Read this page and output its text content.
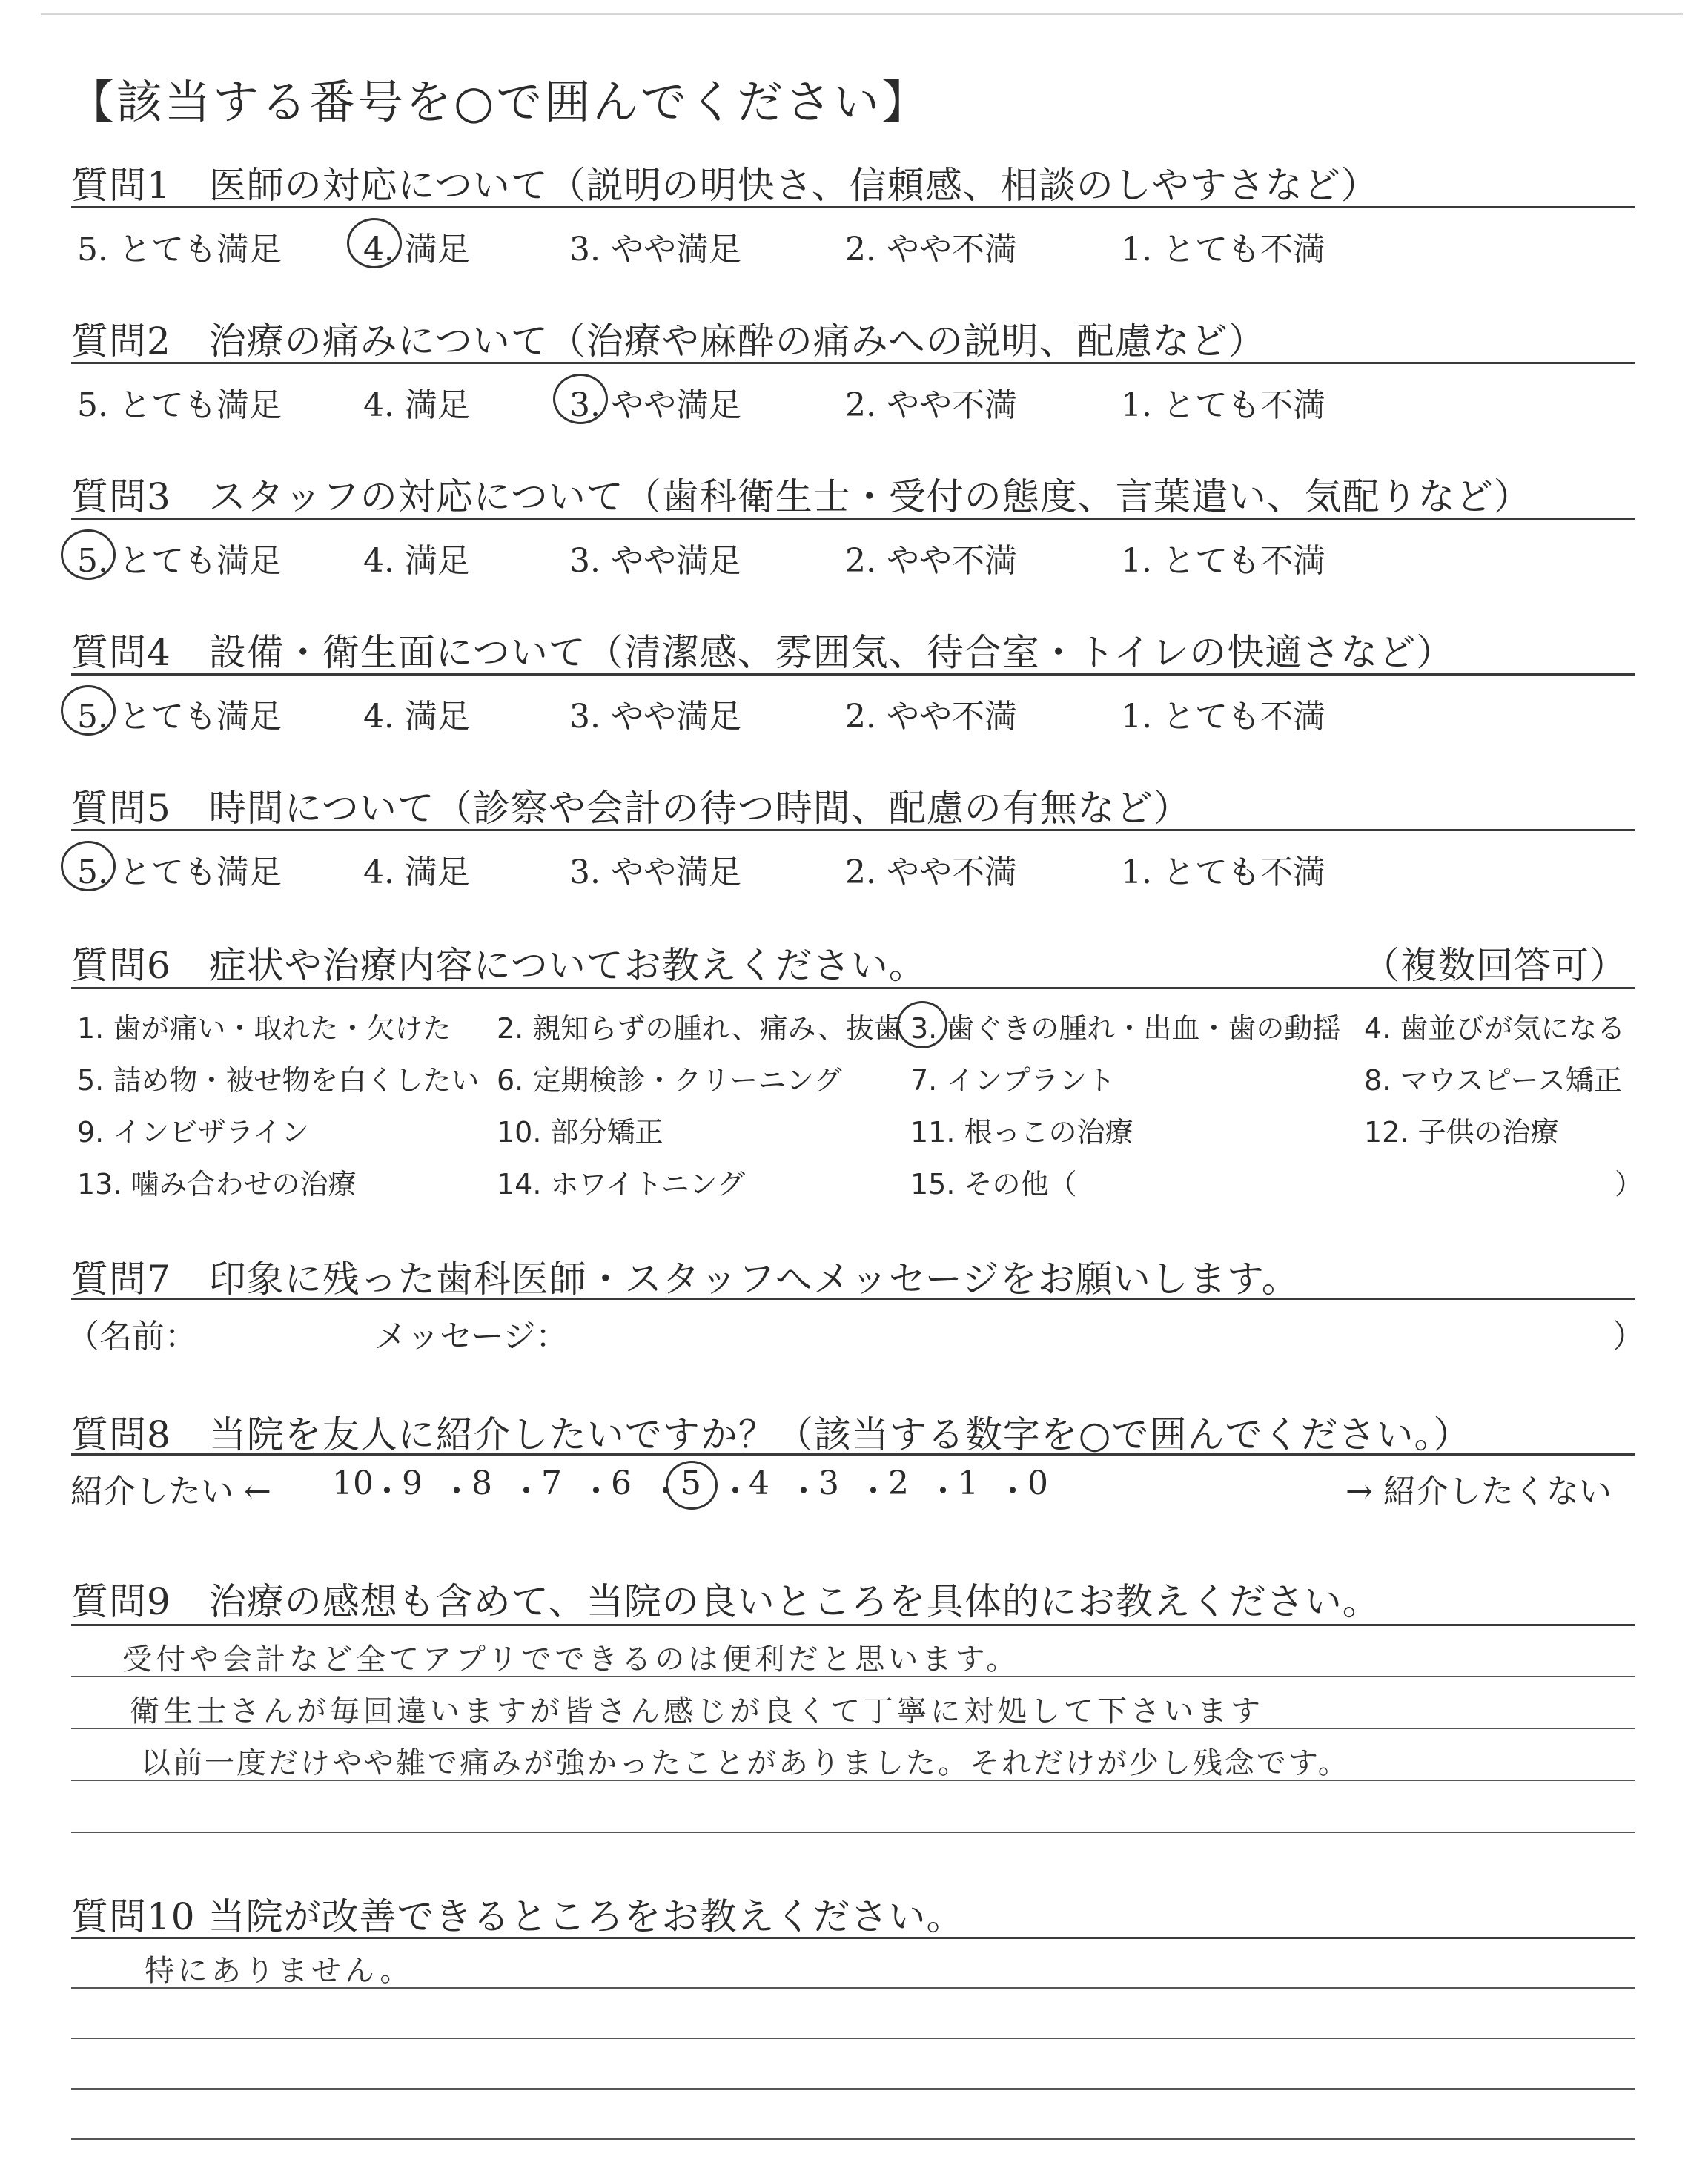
【該当する番号を○で囲んでください】
質問1　医師の対応について（説明の明快さ、信頼感、相談のしやすさなど）
5. とても満足	4. 満足	3. やや満足	2. やや不満	1. とても不満
質問2　治療の痛みについて（治療や麻酔の痛みへの説明、配慮など）
5. とても満足	4. 満足	3. やや満足	2. やや不満	1. とても不満
質問3　スタッフの対応について（歯科衛生士・受付の態度、言葉遣い、気配りなど）
5. とても満足	4. 満足	3. やや満足	2. やや不満	1. とても不満
質問4　設備・衛生面について（清潔感、雰囲気、待合室・トイレの快適さなど）
5. とても満足	4. 満足	3. やや満足	2. やや不満	1. とても不満
質問5　時間について（診察や会計の待つ時間、配慮の有無など）
5. とても満足	4. 満足	3. やや満足	2. やや不満	1. とても不満
質問6　症状や治療内容についてお教えください。	（複数回答可）
1. 歯が痛い・取れた・欠けた 2. 親知らずの腫れ、痛み、抜歯 3. 歯ぐきの腫れ・出血・歯の動揺 4. 歯並びが気になる
5. 詰め物・被せ物を白くしたい 6. 定期検診・クリーニング 7. インプラント	8. マウスピース矯正
9. インビザライン	10. 部分矯正	11. 根っこの治療	12. 子供の治療
13. 噛み合わせの治療	14. ホワイトニング	15. その他（	）
質問7　印象に残った歯科医師・スタッフへメッセージをお願いします。
（名前：	メッセージ：	）
質問8　当院を友人に紹介したいですか？（該当する数字を○で囲んでください。）
紹介したい ←	→ 紹介したくない
10
・
9 ・
8 ・
7 ・
6 ・
5 ・
4 ・
3 ・
2 ・
1 ・
0
質問9　治療の感想も含めて、当院の良いところを具体的にお教えください。
受付や会計など全てアプリでできるのは便利だと思います。
衛生士さんが毎回違いますが皆さん感じが良くて丁寧に対処して下さいます
以前一度だけやや雑で痛みが強かったことがありました。それだけが少し残念です。
質問10 当院が改善できるところをお教えください。
特にありません。
